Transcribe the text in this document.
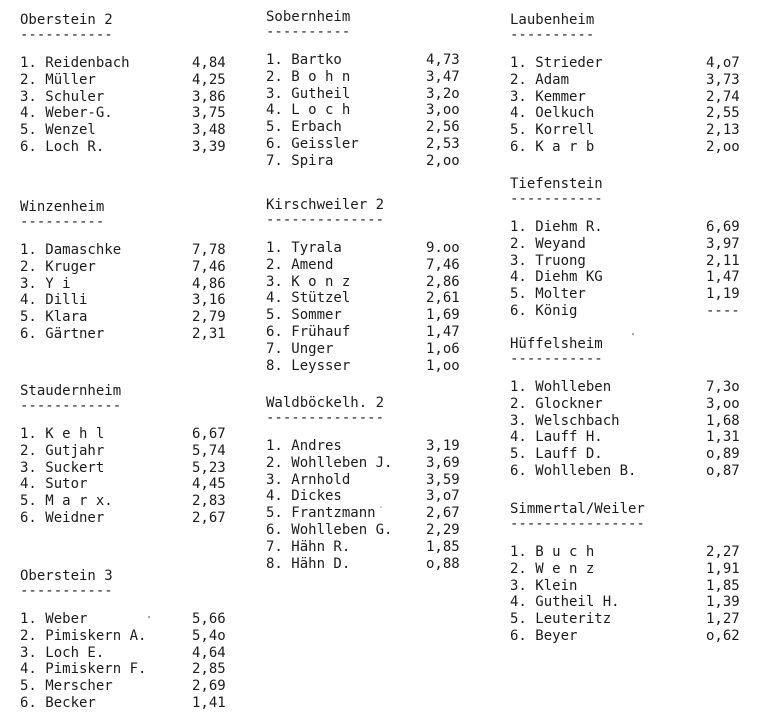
Oberstein 2
-----------
1. Reidenbach	4,84
2. Müller	4,25
3. Schuler	3,86
4. Weber-G.	3,75
5. Wenzel	3,48
6. Loch R.	3,39
Winzenheim
----------
1. Damaschke	7,78
2. Kruger	7,46
3. Y i	4,86
4. Dilli	3,16
5. Klara	2,79
6. Gärtner	2,31
Staudernheim
------------
1. K e h l	6,67
2. Gutjahr	5,74
3. Suckert	5,23
4. Sutor	4,45
5. M a r x.	2,83
6. Weidner	2,67
Oberstein 3
-----------
1. Weber	5,66
2. Pimiskern A.	5,4o
3. Loch E.	4,64
4. Pimiskern F.	2,85
5. Merscher	2,69
6. Becker	1,41
Sobernheim
----------
1. Bartko	4,73
2. B o h n	3,47
3. Gutheil	3,2o
4. L o c h	3,oo
5. Erbach	2,56
6. Geissler	2,53
7. Spira	2,oo
Kirschweiler 2
--------------
1. Tyrala	9.oo
2. Amend	7,46
3. K o n z	2,86
4. Stützel	2,61
5. Sommer	1,69
6. Frühauf	1,47
7. Unger	1,o6
8. Leysser	1,oo
Waldböckelh. 2
--------------
1. Andres	3,19
2. Wohlleben J. 3,69
3. Arnhold	3,59
4. Dickes	3,o7
5. Frantzmann	2,67
6. Wohlleben G. 2,29
7. Hähn R.	1,85
8. Hähn D.	o,88
Laubenheim
----------
1. Strieder	4,o7
2. Adam	3,73
3. Kemmer	2,74
4. Oelkuch	2,55
5. Korrell	2,13
6. K a r b	2,oo
Tiefenstein
-----------
1. Diehm R.	6,69
2. Weyand	3,97
3. Truong	2,11
4. Diehm KG	1,47
5. Molter	1,19
6. König	----
Hüffelsheim
-----------
1. Wohlleben	7,3o
2. Glockner	3,oo
3. Welschbach	1,68
4. Lauff H.	1,31
5. Lauff D.	o,89
6. Wohlleben B.	o,87
Simmertal/Weiler
----------------
1. B u c h	2,27
2. W e n z	1,91
3. Klein	1,85
4. Gutheil H.	1,39
5. Leuteritz	1,27
6. Beyer	o,62
